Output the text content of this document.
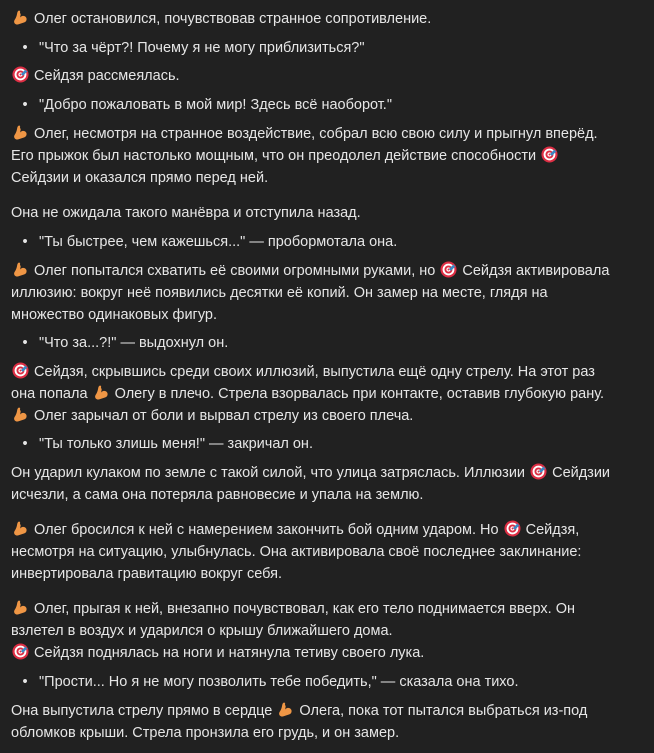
Олег остановился, почувствовав странное сопротивление.
• "Что за чёрт?! Почему я не могу приблизиться?"
Сейдзя рассмеялась.
• "Добро пожаловать в мой мир! Здесь всё наоборот."
Олег, несмотря на странное воздействие, собрал всю свою силу и прыгнул вперёд.
Его прыжок был настолько мощным, что он преодолел действие способности
Сейдзии и оказался прямо перед ней.
Она не ожидала такого манёвра и отступила назад.
• "Ты быстрее, чем кажешься..." — пробормотала она.
Олег попытался схватить её своими огромными руками, но
Сейдзя активировала
иллюзию: вокруг неё появились десятки её копий. Он замер на месте, глядя на
множество одинаковых фигур.
• "Что за...?!" — выдохнул он.
Сейдзя, скрывшись среди своих иллюзий, выпустила ещё одну стрелу. На этот раз
она попала
Олегу в плечо. Стрела взорвалась при контакте, оставив глубокую рану.
Олег зарычал от боли и вырвал стрелу из своего плеча.
• "Ты только злишь меня!" — закричал он.
Он ударил кулаком по земле с такой силой, что улица затряслась. Иллюзии
Сейдзии
исчезли, а сама она потеряла равновесие и упала на землю.
Олег бросился к ней с намерением закончить бой одним ударом. Но
Сейдзя,
несмотря на ситуацию, улыбнулась. Она активировала своё последнее заклинание:
инвертировала гравитацию вокруг себя.
Олег, прыгая к ней, внезапно почувствовал, как его тело поднимается вверх. Он
взлетел в воздух и ударился о крышу ближайшего дома.
Сейдзя поднялась на ноги и натянула тетиву своего лука.
• "Прости... Но я не могу позволить тебе победить," — сказала она тихо.
Она выпустила стрелу прямо в сердце
Олега, пока тот пытался выбраться из-под
обломков крыши. Стрела пронзила его грудь, и он замер.
